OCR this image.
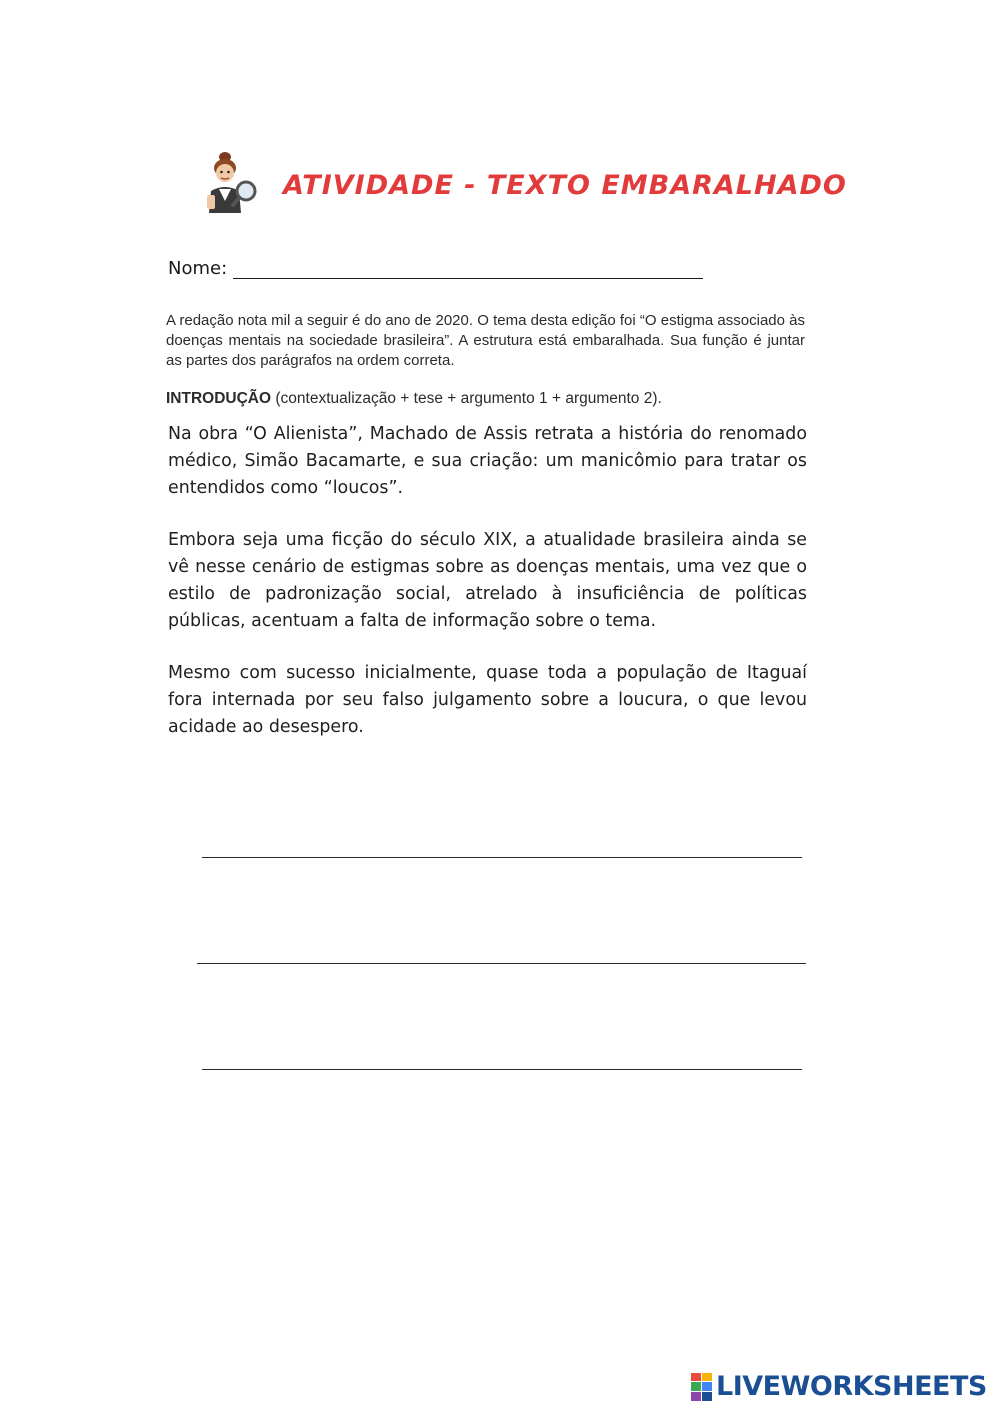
ATIVIDADE - TEXTO EMBARALHADO
Nome:
A redação nota mil a seguir é do ano de 2020. O tema desta edição foi “O estigma associado às doenças mentais na sociedade brasileira”. A estrutura está embaralhada. Sua função é juntar as partes dos parágrafos na ordem correta.
INTRODUÇÃO (contextualização + tese + argumento 1 + argumento 2).
Na obra “O Alienista”, Machado de Assis retrata a história do renomado médico, Simão Bacamarte, e sua criação: um manicômio para tratar os entendidos como “loucos”.
Embora seja uma ficção do século XIX, a atualidade brasileira ainda se vê nesse cenário de estigmas sobre as doenças mentais, uma vez que o estilo de padronização social, atrelado à insuficiência de políticas públicas, acentuam a falta de informação sobre o tema.
Mesmo com sucesso inicialmente, quase toda a população de Itaguaí fora internada por seu falso julgamento sobre a loucura, o que levou acidade ao desespero.
LIVEWORKSHEETS
